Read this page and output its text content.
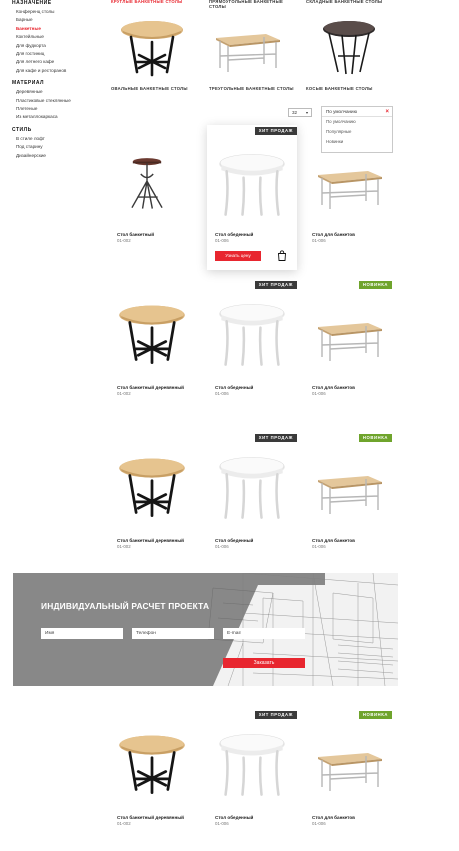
НАЗНАЧЕНИЕ
Конференц столы
Барные
Банкетные
Коктейльные
Для фудкорта
Для гостиниц
Для летнего кафе
Для кафе и ресторанов
МАТЕРИАЛ
Деревянные
Пластиковые стеклянные
Плетеные
Из металлокаркаса
СТИЛЬ
В стиле лофт
Под старину
Дизайнерские
КРУГЛЫЕ БАНКЕТНЫЕ СТОЛЫ	ПРЯМОУГОЛЬНЫЕ БАНКЕТНЫЕ СТОЛЫ
СКЛАДНЫЕ БАНКЕТНЫЕ СТОЛЫ
ОВАЛЬНЫЕ БАНКЕТНЫЕ СТОЛЫ	ТРЕУГОЛЬНЫЕ БАНКЕТНЫЕ СТОЛЫ	КОСЫЕ БАНКЕТНЫЕ СТОЛЫ
32 ▾	По умолчанию	×
По умолчанию
Популярные
Новинки
Стол банкетный
01-002
ХИТ ПРОДАЖ
Стол обеденный
01-006
Узнать цену
Стол для банкетов
01-006
Стол банкетный деревянный
01-002
ХИТ ПРОДАЖ
Стол обеденный
01-006
НОВИНКА
Стол для банкетов
01-006
Стол банкетный деревянный
01-002
ХИТ ПРОДАЖ
Стол обеденный
01-006
НОВИНКА
Стол для банкетов
01-006
ИНДИВИДУАЛЬНЫЙ РАСЧЕТ ПРОЕКТА
Имя
Телефон
E-mail
Заказать
Стол банкетный деревянный
01-002
ХИТ ПРОДАЖ
Стол обеденный
01-006
НОВИНКА
Стол для банкетов
01-006
